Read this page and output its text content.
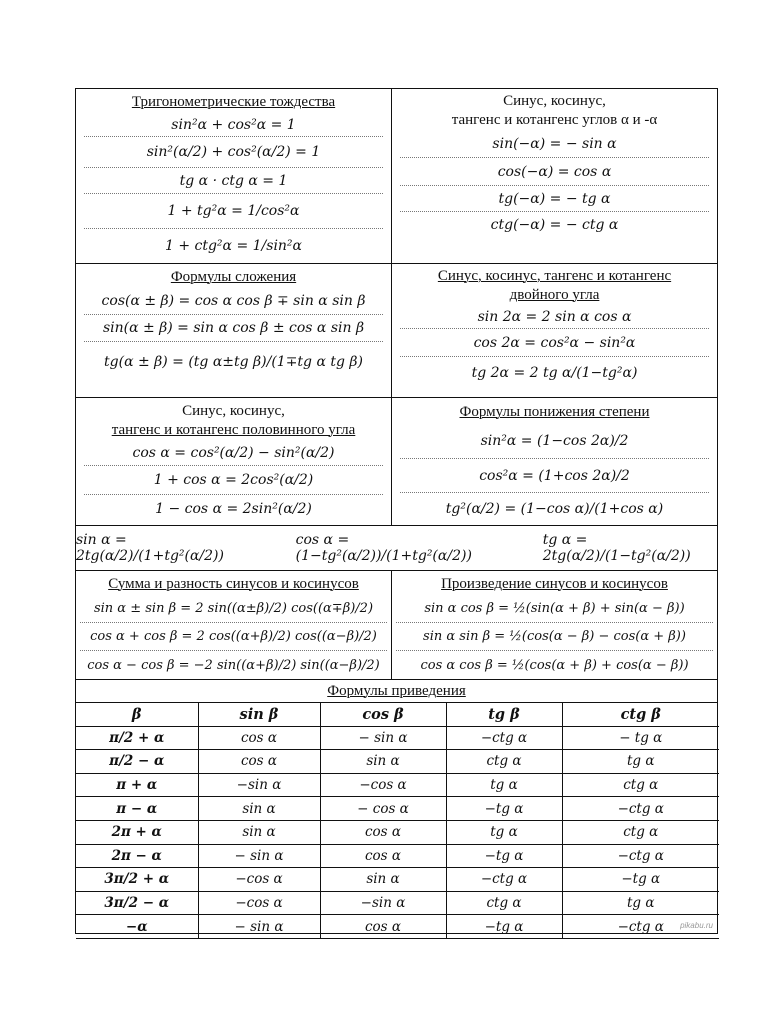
Тригонометрические тождества
sin²α + cos²α = 1
sin²(α/2) + cos²(α/2) = 1
tg α · ctg α = 1
1 + tg²α = 1/cos²α
1 + ctg²α = 1/sin²α
Синус, косинус,
тангенс и котангенс углов α и -α
sin(−α) = − sin α
cos(−α) = cos α
tg(−α) = − tg α
ctg(−α) = − ctg α
Формулы сложения
cos(α ± β) = cos α cos β ∓ sin α sin β
sin(α ± β) = sin α cos β ± cos α sin β
tg(α ± β) = (tg α±tg β)/(1∓tg α tg β)
Синус, косинус, тангенс и котангенс
двойного угла
sin 2α = 2 sin α cos α
cos 2α = cos²α − sin²α
tg 2α = 2 tg α/(1−tg²α)
Синус, косинус,
тангенс и котангенс половинного угла
cos α = cos²(α/2) − sin²(α/2)
1 + cos α = 2cos²(α/2)
1 − cos α = 2sin²(α/2)
Формулы понижения степени
sin²α = (1−cos 2α)/2
cos²α = (1+cos 2α)/2
tg²(α/2) = (1−cos α)/(1+cos α)
sin α = 2tg(α/2)/(1+tg²(α/2))
cos α = (1−tg²(α/2))/(1+tg²(α/2))
tg α = 2tg(α/2)/(1−tg²(α/2))
Сумма и разность синусов и косинусов
sin α ± sin β = 2 sin((α±β)/2) cos((α∓β)/2)
cos α + cos β = 2 cos((α+β)/2) cos((α−β)/2)
cos α − cos β = −2 sin((α+β)/2) sin((α−β)/2)
Произведение синусов и косинусов
sin α cos β = ½(sin(α + β) + sin(α − β))
sin α sin β = ½(cos(α − β) − cos(α + β))
cos α cos β = ½(cos(α + β) + cos(α − β))
Формулы приведения
β	sin β	cos β	tg β	ctg β
π/2 + α	cos α	− sin α	−ctg α	− tg α
π/2 − α	cos α	sin α	ctg α	tg α
π + α	−sin α	−cos α	tg α	ctg α
π − α	sin α	− cos α	−tg α	−ctg α
2π + α	sin α	cos α	tg α	ctg α
2π − α	− sin α	cos α	−tg α	−ctg α
3π/2 + α	−cos α	sin α	−ctg α	−tg α
3π/2 − α	−cos α	−sin α	ctg α	tg α
−α	− sin α	cos α	−tg α	−ctg α pikabu.ru
